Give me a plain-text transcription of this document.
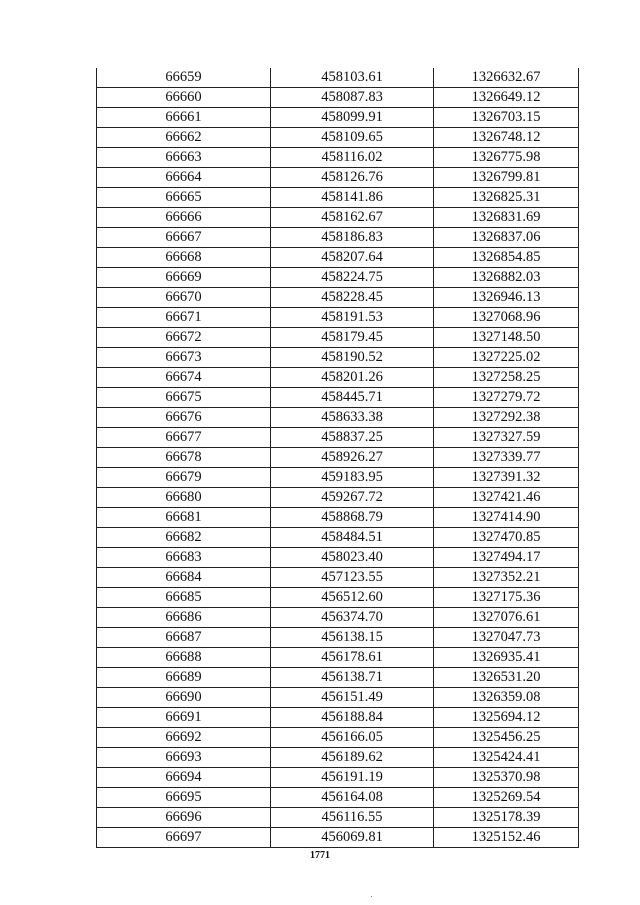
66659	458103.61	1326632.67
66660	458087.83	1326649.12
66661	458099.91	1326703.15
66662	458109.65	1326748.12
66663	458116.02	1326775.98
66664	458126.76	1326799.81
66665	458141.86	1326825.31
66666	458162.67	1326831.69
66667	458186.83	1326837.06
66668	458207.64	1326854.85
66669	458224.75	1326882.03
66670	458228.45	1326946.13
66671	458191.53	1327068.96
66672	458179.45	1327148.50
66673	458190.52	1327225.02
66674	458201.26	1327258.25
66675	458445.71	1327279.72
66676	458633.38	1327292.38
66677	458837.25	1327327.59
66678	458926.27	1327339.77
66679	459183.95	1327391.32
66680	459267.72	1327421.46
66681	458868.79	1327414.90
66682	458484.51	1327470.85
66683	458023.40	1327494.17
66684	457123.55	1327352.21
66685	456512.60	1327175.36
66686	456374.70	1327076.61
66687	456138.15	1327047.73
66688	456178.61	1326935.41
66689	456138.71	1326531.20
66690	456151.49	1326359.08
66691	456188.84	1325694.12
66692	456166.05	1325456.25
66693	456189.62	1325424.41
66694	456191.19	1325370.98
66695	456164.08	1325269.54
66696	456116.55	1325178.39
66697	456069.81	1325152.46
1771
